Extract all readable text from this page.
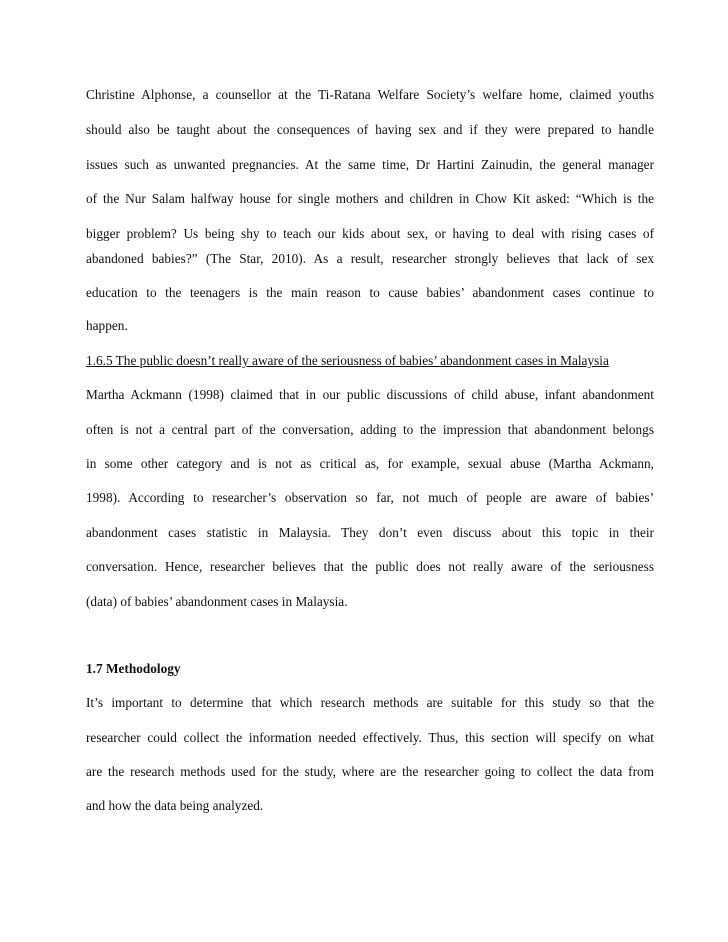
Christine Alphonse, a counsellor at the Ti-Ratana Welfare Society’s welfare home, claimed youths
should also be taught about the consequences of having sex and if they were prepared to handle
issues such as unwanted pregnancies. At the same time, Dr Hartini Zainudin, the general manager
of the Nur Salam halfway house for single mothers and children in Chow Kit asked: “Which is the
bigger problem? Us being shy to teach our kids about sex, or having to deal with rising cases of
abandoned babies?” (The Star, 2010). As a result, researcher strongly believes that lack of sex
education to the teenagers is the main reason to cause babies’ abandonment cases continue to
happen.
1.6.5 The public doesn’t really aware of the seriousness of babies’ abandonment cases in Malaysia
Martha Ackmann (1998) claimed that in our public discussions of child abuse, infant abandonment
often is not a central part of the conversation, adding to the impression that abandonment belongs
in some other category and is not as critical as, for example, sexual abuse (Martha Ackmann,
1998). According to researcher’s observation so far, not much of people are aware of babies’
abandonment cases statistic in Malaysia. They don’t even discuss about this topic in their
conversation. Hence, researcher believes that the public does not really aware of the seriousness
(data) of babies’ abandonment cases in Malaysia.
1.7 Methodology
It’s important to determine that which research methods are suitable for this study so that the
researcher could collect the information needed effectively. Thus, this section will specify on what
are the research methods used for the study, where are the researcher going to collect the data from
and how the data being analyzed.
